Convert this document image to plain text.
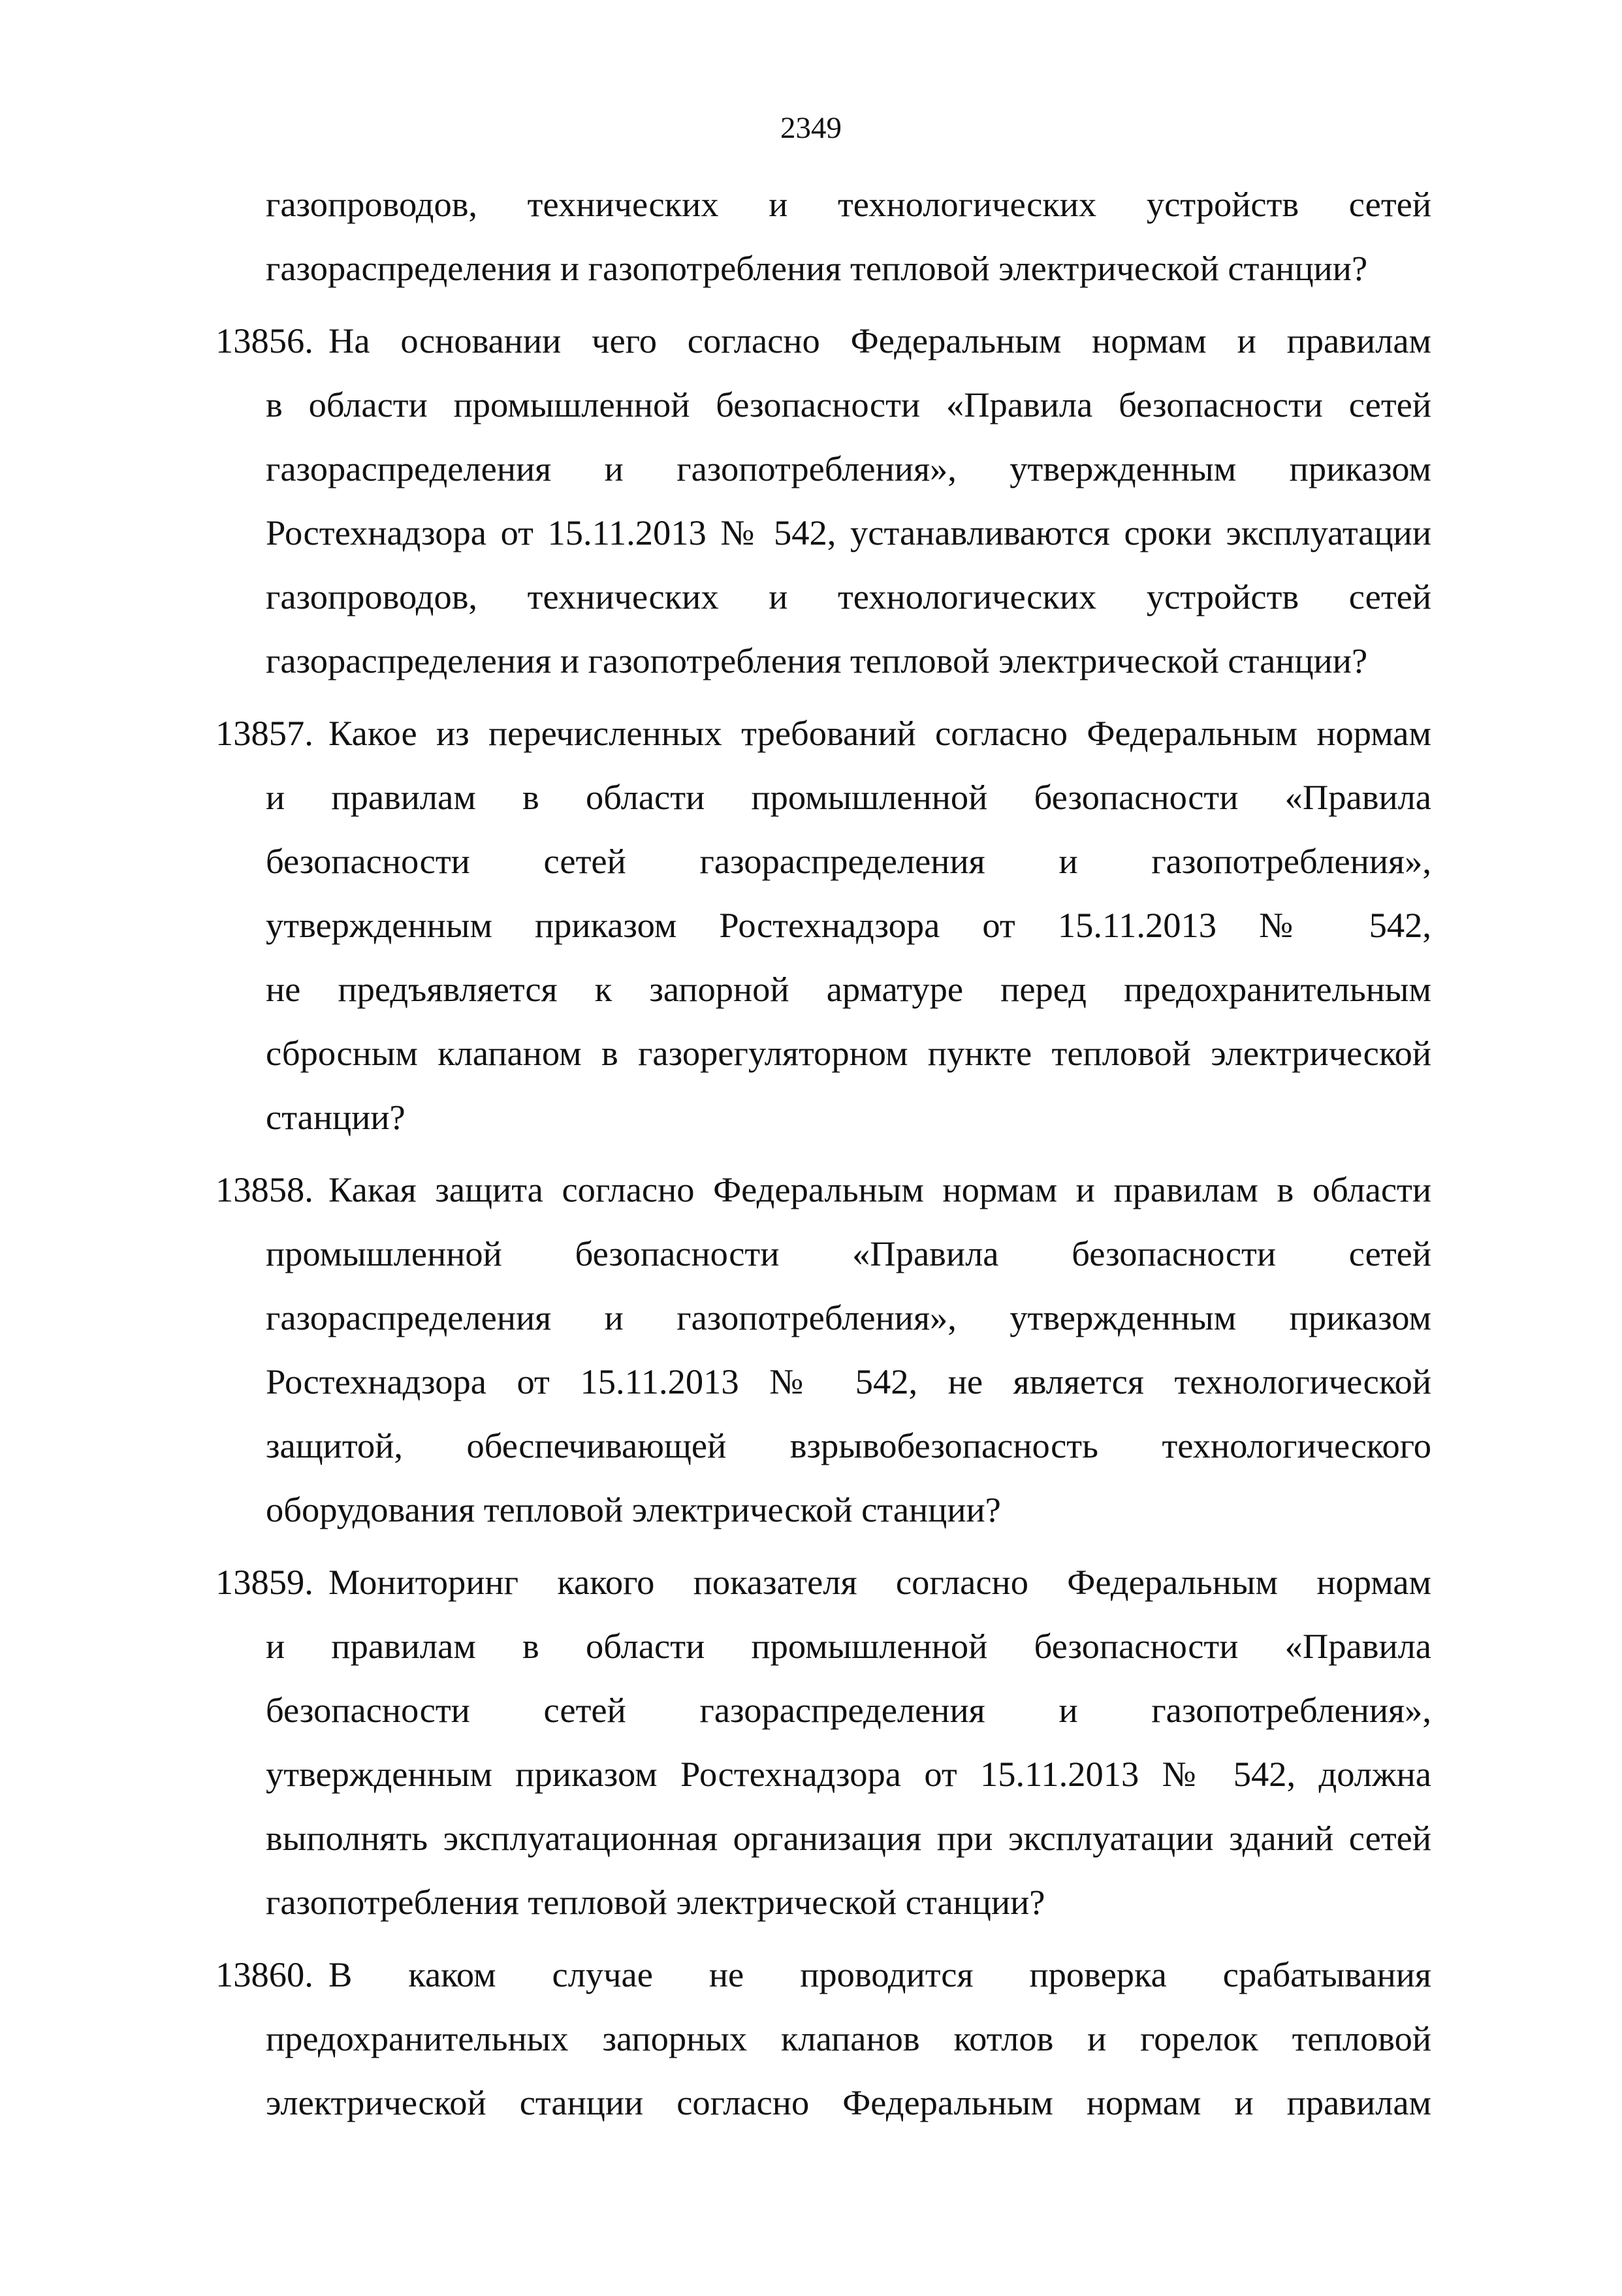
2349
газопроводов, технических и технологических устройств сетей
газораспределения и газопотребления тепловой электрической станции?
13856. На основании чего согласно Федеральным нормам и правилам
в области промышленной безопасности «Правила безопасности сетей
газораспределения и газопотребления», утвержденным приказом
Ростехнадзора от 15.11.2013 № 542, устанавливаются сроки эксплуатации
газопроводов, технических и технологических устройств сетей
газораспределения и газопотребления тепловой электрической станции?
13857. Какое из перечисленных требований согласно Федеральным нормам
и правилам в области промышленной безопасности «Правила
безопасности сетей газораспределения и газопотребления»,
утвержденным приказом Ростехнадзора от 15.11.2013 № 542,
не предъявляется к запорной арматуре перед предохранительным
сбросным клапаном в газорегуляторном пункте тепловой электрической
станции?
13858. Какая защита согласно Федеральным нормам и правилам в области
промышленной безопасности «Правила безопасности сетей
газораспределения и газопотребления», утвержденным приказом
Ростехнадзора от 15.11.2013 № 542, не является технологической
защитой, обеспечивающей взрывобезопасность технологического
оборудования тепловой электрической станции?
13859. Мониторинг какого показателя согласно Федеральным нормам
и правилам в области промышленной безопасности «Правила
безопасности сетей газораспределения и газопотребления»,
утвержденным приказом Ростехнадзора от 15.11.2013 № 542, должна
выполнять эксплуатационная организация при эксплуатации зданий сетей
газопотребления тепловой электрической станции?
13860. В каком случае не проводится проверка срабатывания
предохранительных запорных клапанов котлов и горелок тепловой
электрической станции согласно Федеральным нормам и правилам
